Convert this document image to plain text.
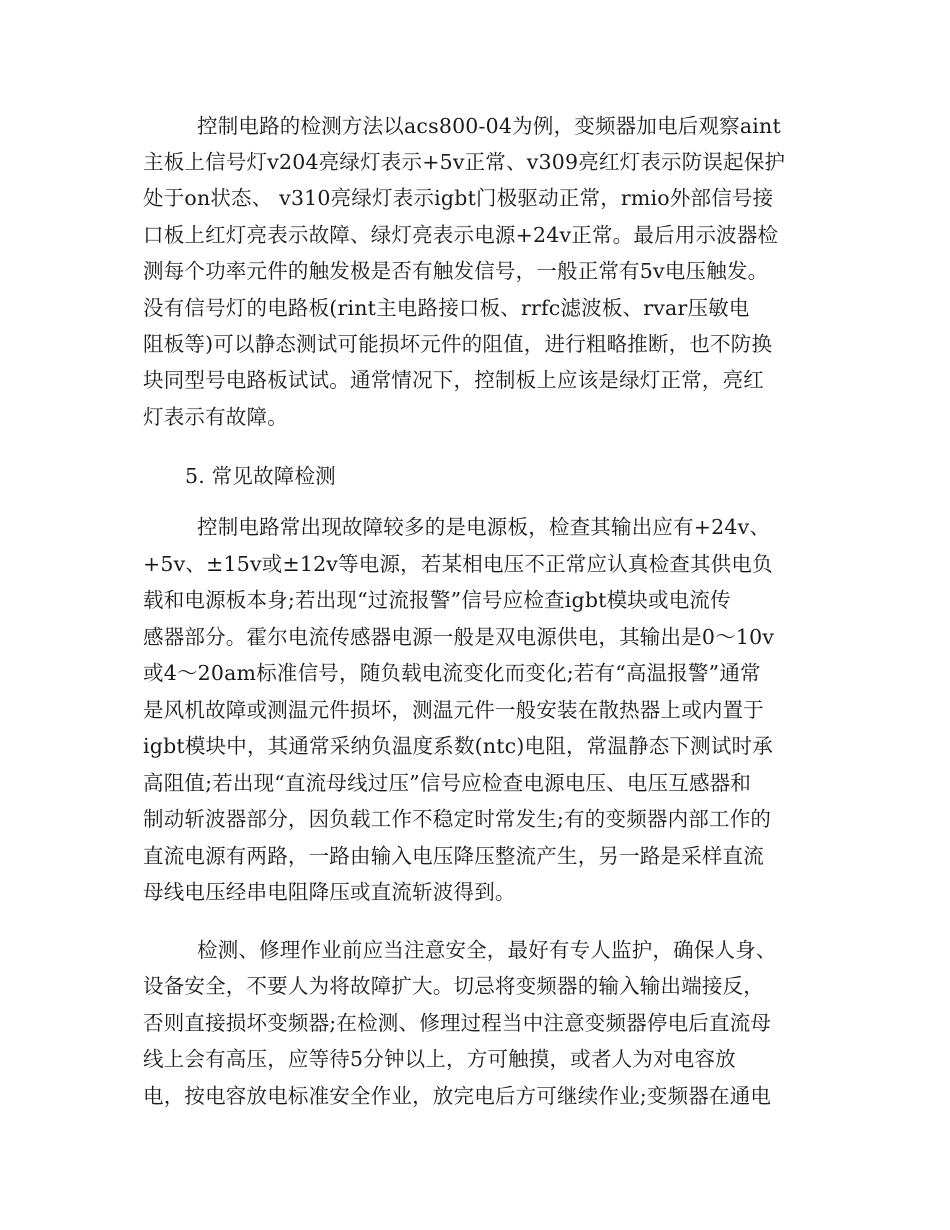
控制电路的检测方法以acs800-04为例，变频器加电后观察aint
主板上信号灯v204亮绿灯表示+5v正常、v309亮红灯表示防误起保护
处于on状态、 v310亮绿灯表示igbt门极驱动正常，rmio外部信号接
口板上红灯亮表示故障、绿灯亮表示电源+24v正常。最后用示波器检
测每个功率元件的触发极是否有触发信号，一般正常有5v电压触发。
没有信号灯的电路板(rint主电路接口板、rrfc滤波板、rvar压敏电
阻板等)可以静态测试可能损坏元件的阻值，进行粗略推断，也不防换
块同型号电路板试试。通常情况下，控制板上应该是绿灯正常，亮红
灯表示有故障。
5. 常见故障检测
控制电路常出现故障较多的是电源板，检查其输出应有+24v、
+5v、±15v或±12v等电源，若某相电压不正常应认真检查其供电负
载和电源板本身;若出现“过流报警”信号应检查igbt模块或电流传
感器部分。霍尔电流传感器电源一般是双电源供电，其输出是0～10v
或4～20am标准信号，随负载电流变化而变化;若有“高温报警”通常
是风机故障或测温元件损坏，测温元件一般安装在散热器上或内置于
igbt模块中，其通常采纳负温度系数(ntc)电阻，常温静态下测试时承
高阻值;若出现“直流母线过压”信号应检查电源电压、电压互感器和
制动斩波器部分，因负载工作不稳定时常发生;有的变频器内部工作的
直流电源有两路，一路由输入电压降压整流产生，另一路是采样直流
母线电压经串电阻降压或直流斩波得到。
检测、修理作业前应当注意安全，最好有专人监护，确保人身、
设备安全，不要人为将故障扩大。切忌将变频器的输入输出端接反，
否则直接损坏变频器;在检测、修理过程当中注意变频器停电后直流母
线上会有高压，应等待5分钟以上，方可触摸，或者人为对电容放
电，按电容放电标准安全作业，放完电后方可继续作业;变频器在通电
